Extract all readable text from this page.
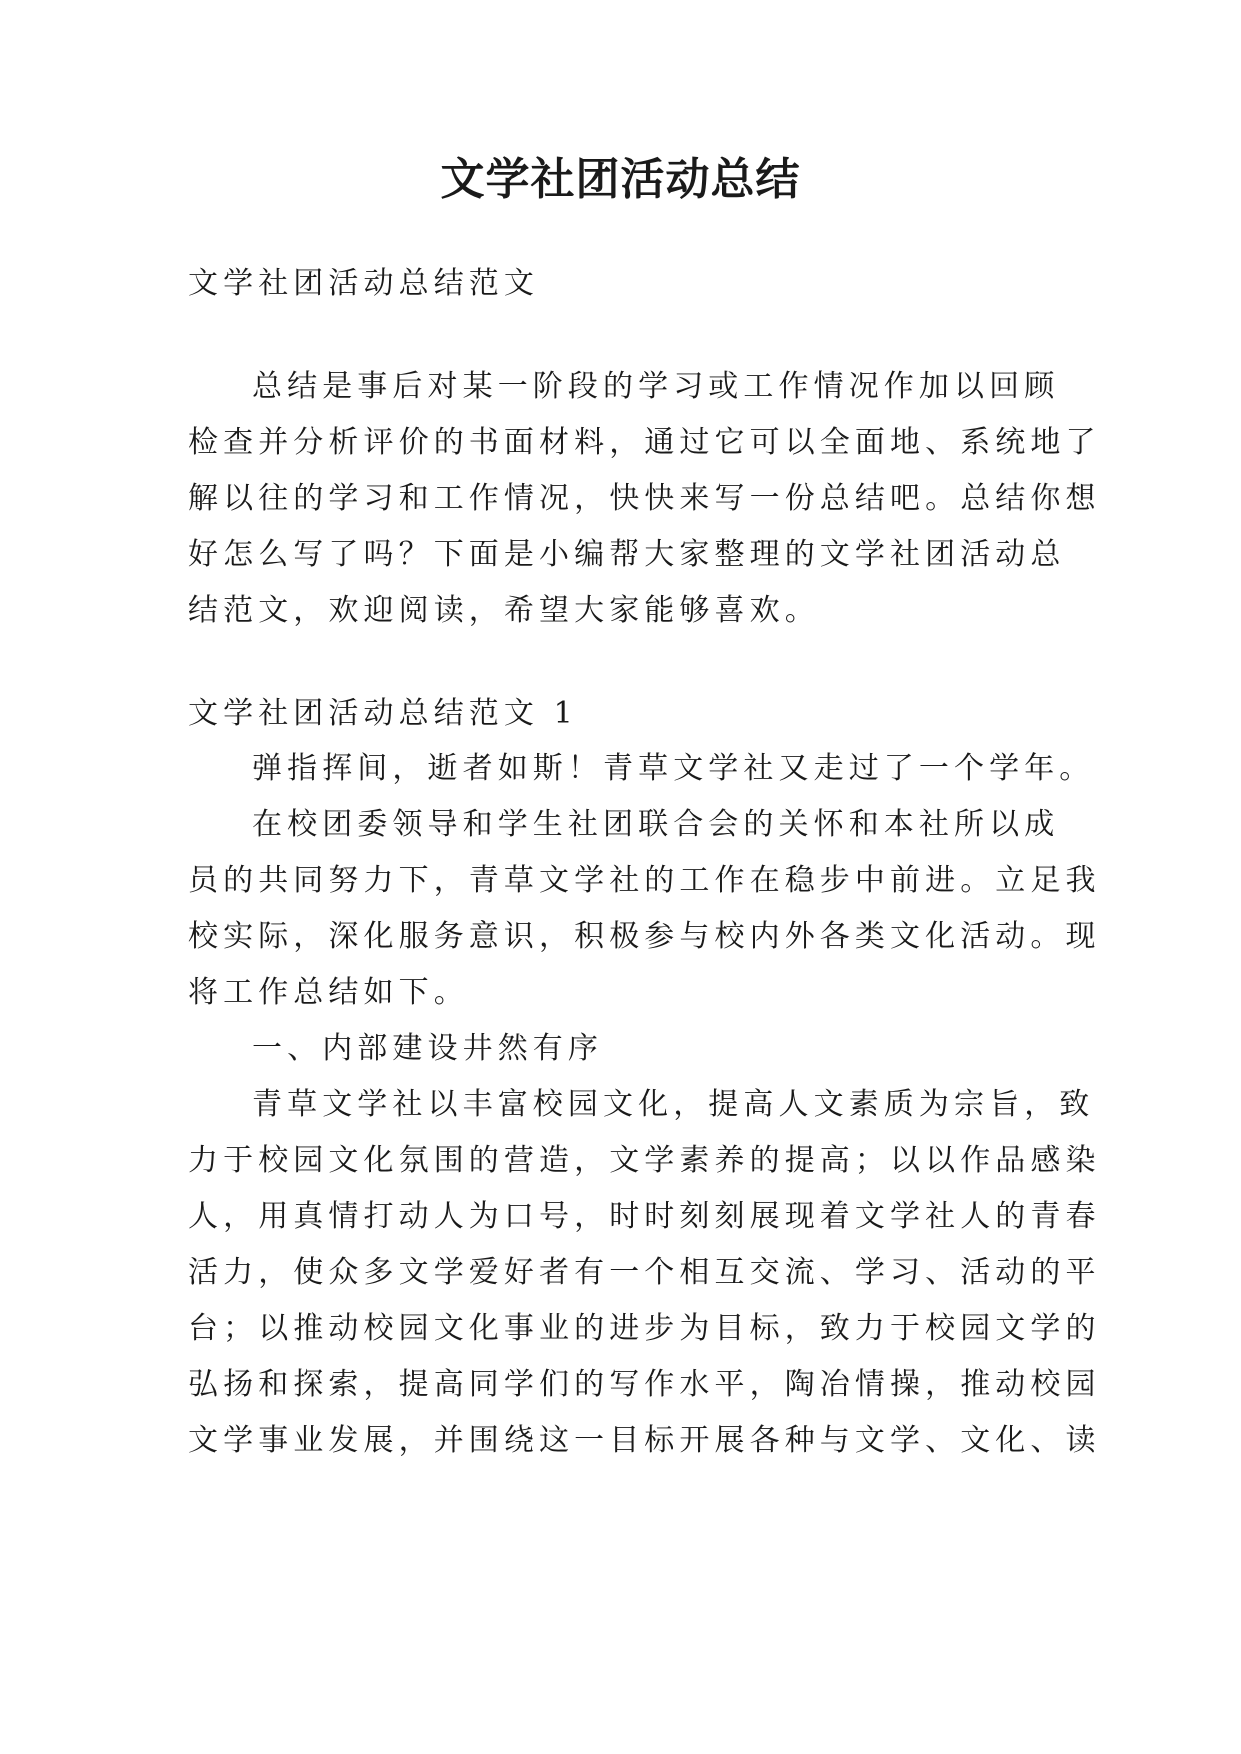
文学社团活动总结
文学社团活动总结范文
总结是事后对某一阶段的学习或工作情况作加以回顾
检查并分析评价的书面材料，通过它可以全面地、系统地了
解以往的学习和工作情况，快快来写一份总结吧。总结你想
好怎么写了吗？下面是小编帮大家整理的文学社团活动总
结范文，欢迎阅读，希望大家能够喜欢。
文学社团活动总结范文 1
弹指挥间，逝者如斯！青草文学社又走过了一个学年。
在校团委领导和学生社团联合会的关怀和本社所以成
员的共同努力下，青草文学社的工作在稳步中前进。立足我
校实际，深化服务意识，积极参与校内外各类文化活动。现
将工作总结如下。
一、内部建设井然有序
青草文学社以丰富校园文化，提高人文素质为宗旨，致
力于校园文化氛围的营造，文学素养的提高；以以作品感染
人，用真情打动人为口号，时时刻刻展现着文学社人的青春
活力，使众多文学爱好者有一个相互交流、学习、活动的平
台；以推动校园文化事业的进步为目标，致力于校园文学的
弘扬和探索，提高同学们的写作水平，陶冶情操，推动校园
文学事业发展，并围绕这一目标开展各种与文学、文化、读
